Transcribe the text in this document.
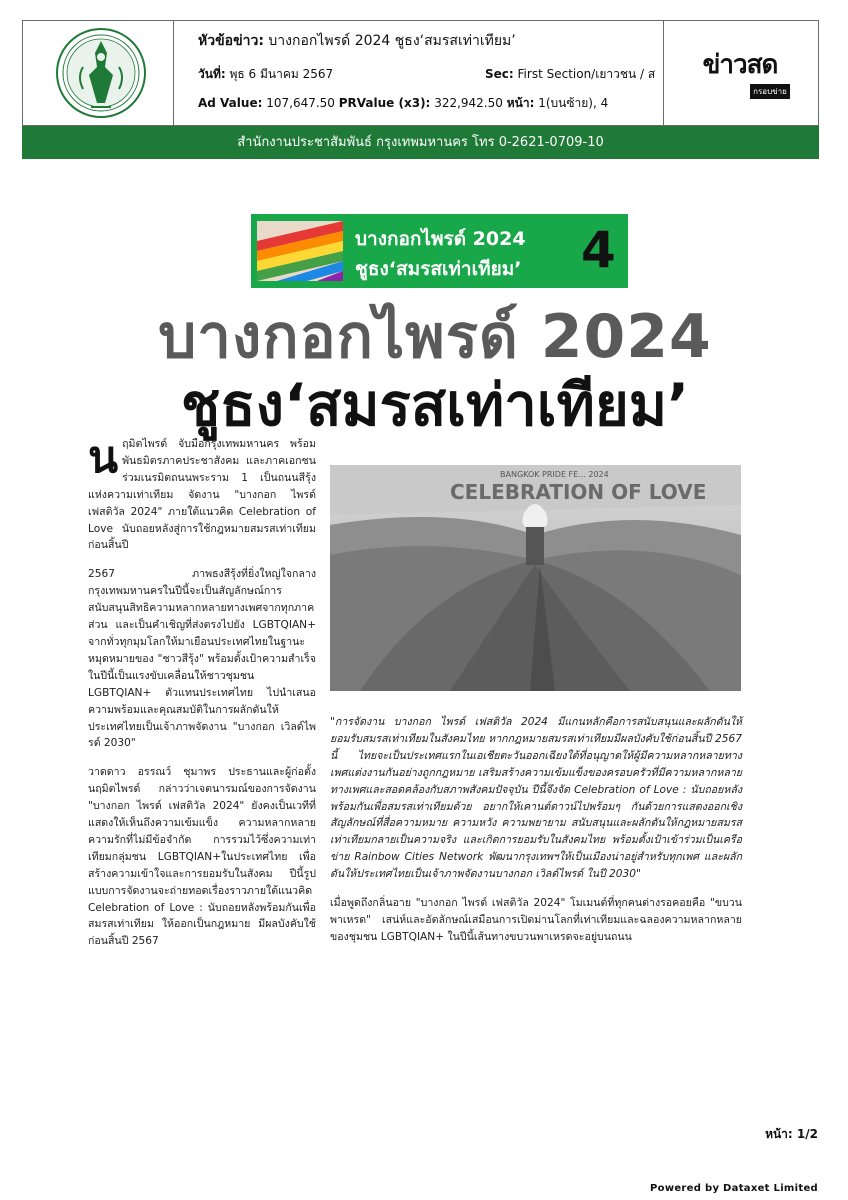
หัวข้อข่าว: บางกอกไพรด์ 2024 ชูธง‘สมรสเท่าเทียม’
วันที่: พุธ 6 มีนาคม 2567	Sec: First Section/เยาวชน / ส
Ad Value: 107,647.50 PRValue (x3): 322,942.50 หน้า: 1(บนซ้าย), 4
ข่าวสด
กรอบข่าย
สำนักงานประชาสัมพันธ์ กรุงเทพมหานคร โทร 0-2621-0709-10
บางกอกไพรด์ 2024
ชูธง‘สมรสเท่าเทียม’ 4
บางกอกไพรด์ 2024
ชูธง‘สมรสเท่าเทียม’

นฤมิตไพรด์ จับมือกรุงเทพมหานคร พร้อมพันธมิตรภาคประชาสังคม และภาคเอกชน ร่วมเนรมิตถนนพระราม 1 เป็นถนนสีรุ้งแห่งความเท่าเทียม จัดงาน "บางกอก ไพรด์ เฟสติวัล 2024" ภายใต้แนวคิด Celebration of Love นับถอยหลังสู่การใช้กฎหมายสมรสเท่าเทียมก่อนสิ้นปี

2567 ภาพธงสีรุ้งที่ยิ่งใหญ่ใจกลางกรุงเทพมหานครในปีนี้จะเป็นสัญลักษณ์การสนับสนุนสิทธิความหลากหลายทางเพศจากทุกภาคส่วน และเป็นคำเชิญที่ส่งตรงไปยัง LGBTQIAN+ จากทั่วทุกมุมโลกให้มาเยือนประเทศไทยในฐานะหมุดหมายของ "ชาวสีรุ้ง" พร้อมตั้งเป้าความสำเร็จในปีนี้เป็นแรงขับเคลื่อนให้ชาวชุมชน LGBTQIAN+ ตัวแทนประเทศไทย ไปนำเสนอความพร้อมและคุณสมบัติในการผลักดันให้ประเทศไทยเป็นเจ้าภาพจัดงาน "บางกอก เวิลด์ไพรด์ 2030"

วาดดาว อรรณว์ ชุมาพร ประธานและผู้ก่อตั้งนฤมิตไพรด์ กล่าวว่าเจตนารมณ์ของการจัดงาน "บางกอก ไพรด์ เฟสติวัล 2024" ยังคงเป็นเวทีที่แสดงให้เห็นถึงความเข้มแข็ง ความหลากหลาย ความรักที่ไม่มีข้อจำกัด การรวมไว้ซึ่งความเท่าเทียมกลุ่มชน LGBTQIAN+ในประเทศไทย เพื่อสร้างความเข้าใจและการยอมรับในสังคม ปีนี้รูปแบบการจัดงานจะถ่ายทอดเรื่องราวภายใต้แนวคิด Celebration of Love : นับถอยหลังพร้อมกันเพื่อสมรสเท่าเทียม ให้ออกเป็นกฎหมาย มีผลบังคับใช้ก่อนสิ้นปี 2567

BANGKOK PRIDE FE... 2024
CELEBRATION OF LOVE

"การจัดงาน บางกอก ไพรด์ เฟสติวัล 2024 มีแกนหลักคือการสนับสนุนและผลักดันให้ยอมรับสมรสเท่าเทียมในสังคมไทย หากกฎหมายสมรสเท่าเทียมมีผลบังคับใช้ก่อนสิ้นปี 2567 นี้ ไทยจะเป็นประเทศแรกในเอเชียตะวันออกเฉียงใต้ที่อนุญาตให้ผู้มีความหลากหลายทางเพศแต่งงานกันอย่างถูกกฎหมาย เสริมสร้างความเข้มแข็งของครอบครัวที่มีความหลากหลายทางเพศและสอดคล้องกับสภาพสังคมปัจจุบัน ปีนี้จึงจัด Celebration of Love : นับถอยหลังพร้อมกันเพื่อสมรสเท่าเทียมด้วย อยากให้เคานต์ดาวน์ไปพร้อมๆ กันด้วยการแสดงออกเชิงสัญลักษณ์ที่สื่อความหมาย ความหวัง ความพยายาม สนับสนุนและผลักดันให้กฎหมายสมรสเท่าเทียมกลายเป็นความจริง และเกิดการยอมรับในสังคมไทย พร้อมตั้งเป้าเข้าร่วมเป็นเครือข่าย Rainbow Cities Network พัฒนากรุงเทพฯให้เป็นเมืองน่าอยู่สำหรับทุกเพศ และผลักดันให้ประเทศไทยเป็นเจ้าภาพจัดงานบางกอก เวิลด์ไพรด์ ในปี 2030"

เมื่อพูดถึงกลิ่นอาย "บางกอก ไพรด์ เฟสติวัล 2024" โมเมนต์ที่ทุกคนต่างรอคอยคือ "ขบวนพาเหรด" เสน่ห์และอัตลักษณ์เสมือนการเปิดม่านโลกที่เท่าเทียมและฉลองความหลากหลายของชุมชน LGBTQIAN+ ในปีนี้เส้นทางขบวนพาเหรดจะอยู่บนถนน

หน้า: 1/2
Powered by Dataxet Limited
